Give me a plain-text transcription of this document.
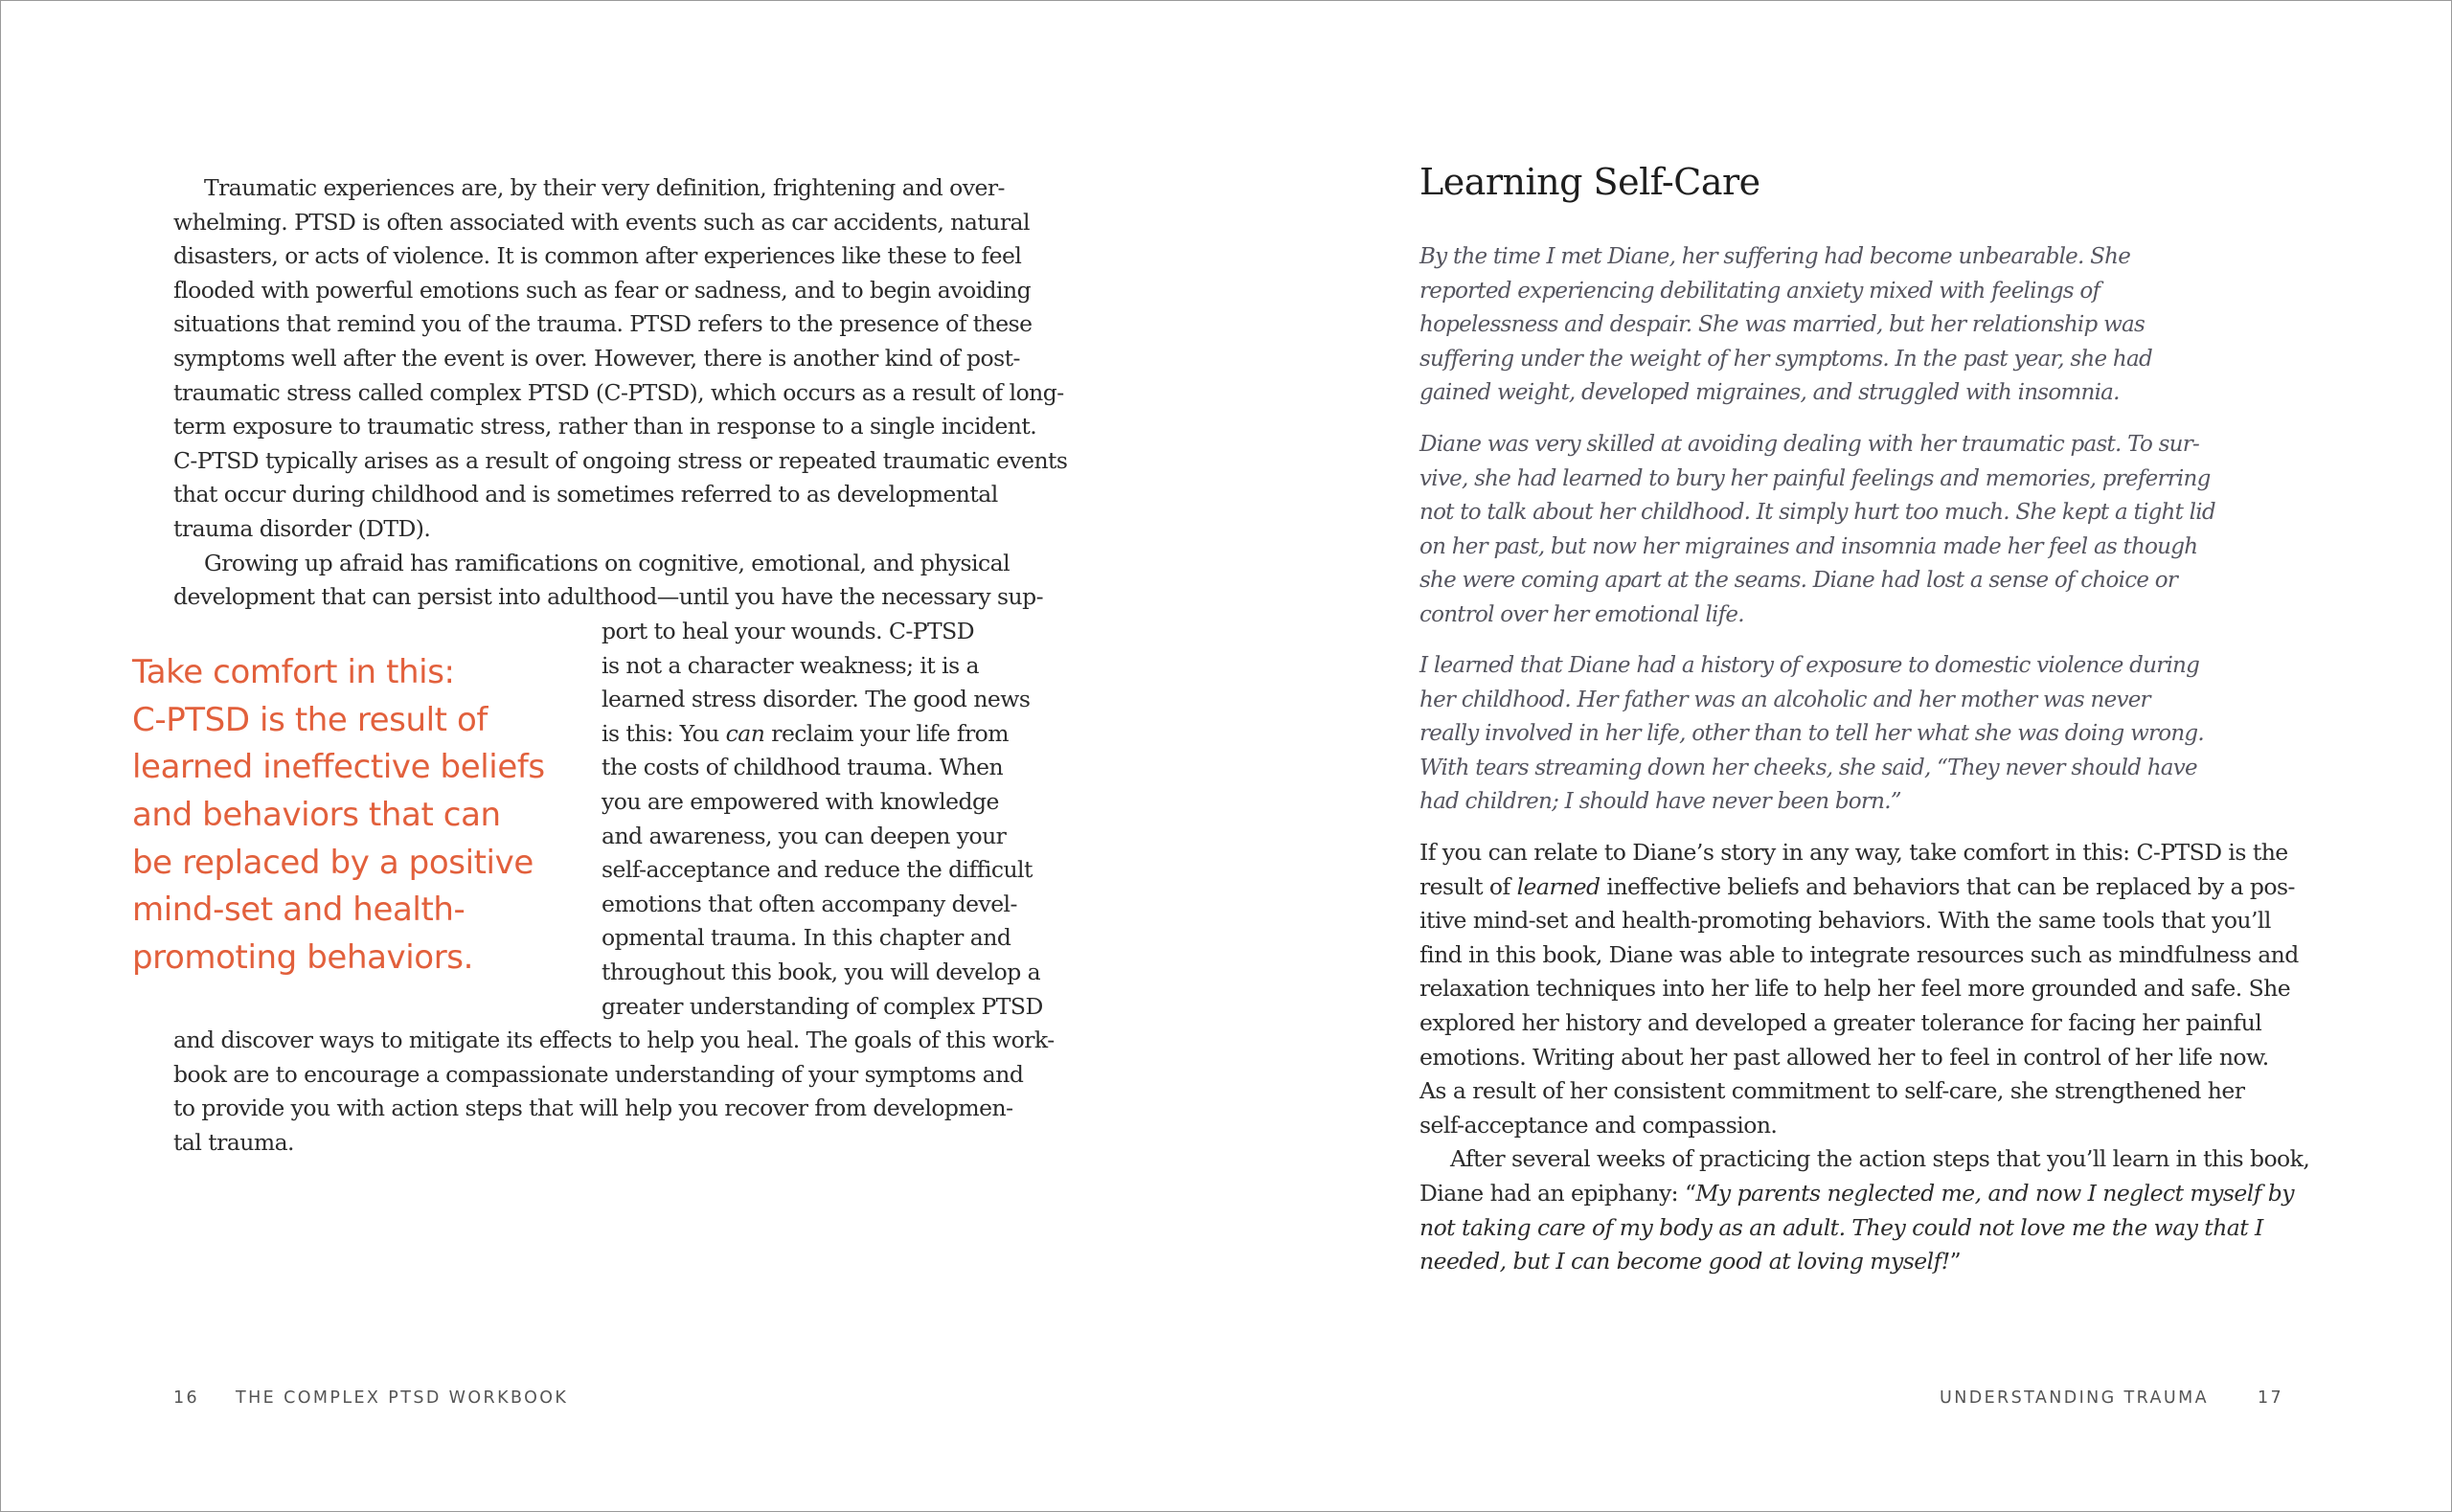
Traumatic experiences are, by their very definition, frightening and over-
whelming. PTSD is often associated with events such as car accidents, natural
disasters, or acts of violence. It is common after experiences like these to feel
flooded with powerful emotions such as fear or sadness, and to begin avoiding
situations that remind you of the trauma. PTSD refers to the presence of these
symptoms well after the event is over. However, there is another kind of post-
traumatic stress called complex PTSD (C-PTSD), which occurs as a result of long-
term exposure to traumatic stress, rather than in response to a single incident.
C-PTSD typically arises as a result of ongoing stress or repeated traumatic events
that occur during childhood and is sometimes referred to as developmental
trauma disorder (DTD).
Growing up afraid has ramifications on cognitive, emotional, and physical
development that can persist into adulthood—until you have the necessary sup-
port to heal your wounds. C-PTSD
is not a character weakness; it is a
learned stress disorder. The good news
is this: You can reclaim your life from
the costs of childhood trauma. When
you are empowered with knowledge
and awareness, you can deepen your
self-acceptance and reduce the difficult
emotions that often accompany devel-
opmental trauma. In this chapter and
throughout this book, you will develop a
greater understanding of complex PTSD
and discover ways to mitigate its effects to help you heal. The goals of this work-
book are to encourage a compassionate understanding of your symptoms and
to provide you with action steps that will help you recover from developmen-
tal trauma.
Take comfort in this:
C-PTSD is the result of
learned ineffective beliefs
and behaviors that can
be replaced by a positive
mind-set and health-
promoting behaviors.
16 THE COMPLEX PTSD WORKBOOK
Learning Self-Care
By the time I met Diane, her suffering had become unbearable. She
reported experiencing debilitating anxiety mixed with feelings of
hopelessness and despair. She was married, but her relationship was
suffering under the weight of her symptoms. In the past year, she had
gained weight, developed migraines, and struggled with insomnia.
Diane was very skilled at avoiding dealing with her traumatic past. To sur-
vive, she had learned to bury her painful feelings and memories, preferring
not to talk about her childhood. It simply hurt too much. She kept a tight lid
on her past, but now her migraines and insomnia made her feel as though
she were coming apart at the seams. Diane had lost a sense of choice or
control over her emotional life.
I learned that Diane had a history of exposure to domestic violence during
her childhood. Her father was an alcoholic and her mother was never
really involved in her life, other than to tell her what she was doing wrong.
With tears streaming down her cheeks, she said, “They never should have
had children; I should have never been born.”
If you can relate to Diane’s story in any way, take comfort in this: C-PTSD is the
result of learned ineffective beliefs and behaviors that can be replaced by a pos-
itive mind-set and health-promoting behaviors. With the same tools that you’ll
find in this book, Diane was able to integrate resources such as mindfulness and
relaxation techniques into her life to help her feel more grounded and safe. She
explored her history and developed a greater tolerance for facing her painful
emotions. Writing about her past allowed her to feel in control of her life now.
As a result of her consistent commitment to self-care, she strengthened her
self-acceptance and compassion.
After several weeks of practicing the action steps that you’ll learn in this book,
Diane had an epiphany: “My parents neglected me, and now I neglect myself by
not taking care of my body as an adult. They could not love me the way that I
needed, but I can become good at loving myself!”
UNDERSTANDING TRAUMA	17
